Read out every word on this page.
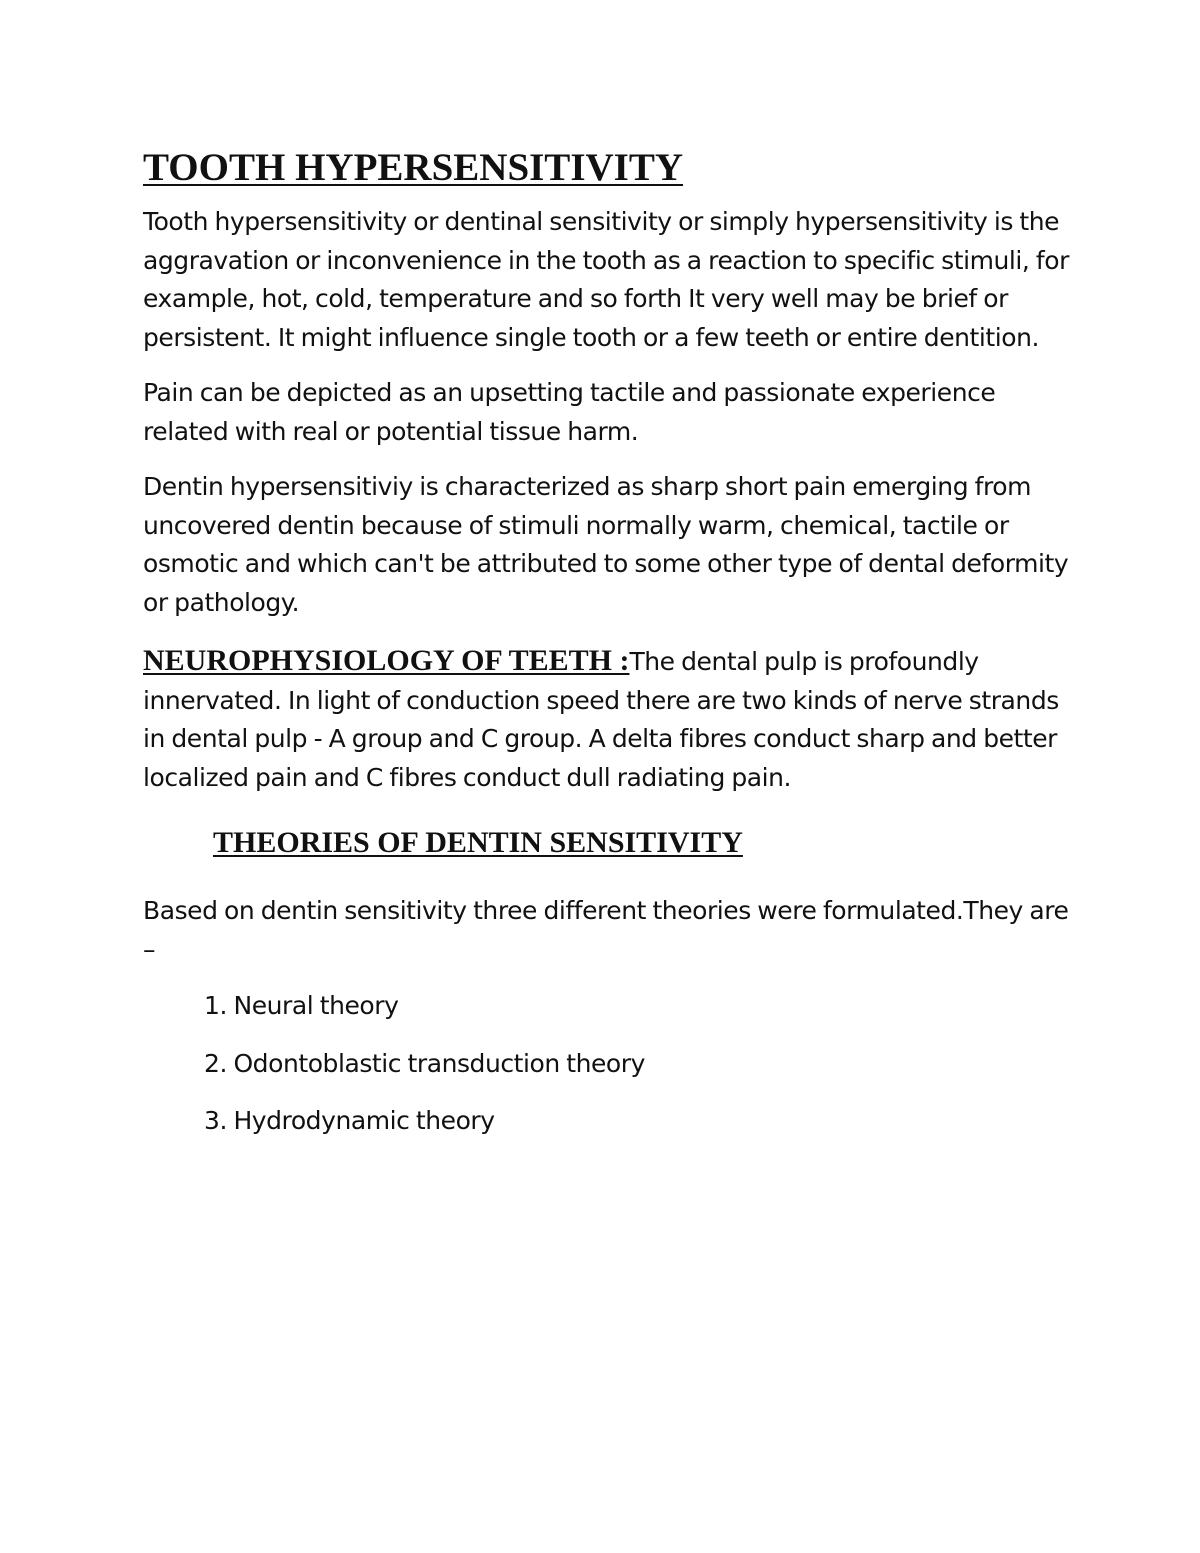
TOOTH HYPERSENSITIVITY

Tooth hypersensitivity or dentinal sensitivity or simply hypersensitivity is the aggravation or inconvenience in the tooth as a reaction to specific stimuli, for example, hot, cold, temperature and so forth It very well may be brief or persistent. It might influence single tooth or a few teeth or entire dentition.

Pain can be depicted as an upsetting tactile and passionate experience related with real or potential tissue harm.

Dentin hypersensitiviy is characterized as sharp short pain emerging from uncovered dentin because of stimuli normally warm, chemical, tactile or osmotic and which can't be attributed to some other type of dental deformity or pathology.

NEUROPHYSIOLOGY OF TEETH :The dental pulp is profoundly innervated. In light of conduction speed there are two kinds of nerve strands in dental pulp - A group and C group. A delta fibres conduct sharp and better localized pain and C fibres conduct dull radiating pain.

THEORIES OF DENTIN SENSITIVITY

Based on dentin sensitivity three different theories were formulated.They are –

1. Neural theory
2. Odontoblastic transduction theory
3. Hydrodynamic theory
